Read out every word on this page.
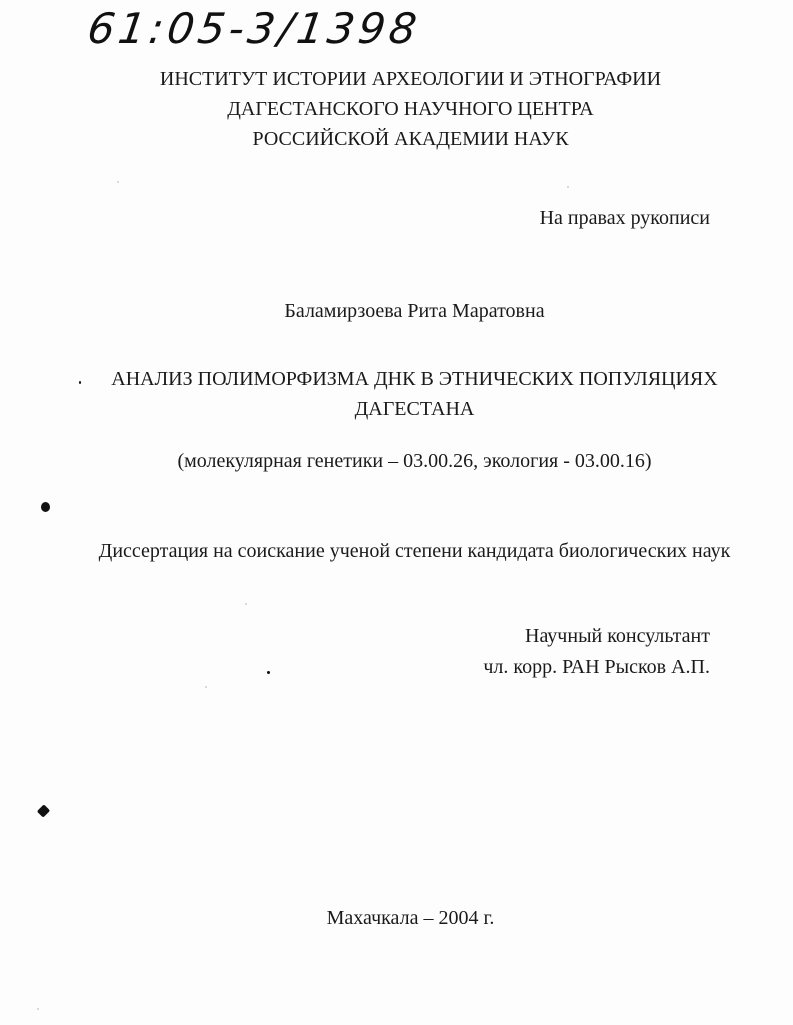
61:05-3/1398
ИНСТИТУТ ИСТОРИИ АРХЕОЛОГИИ И ЭТНОГРАФИИ
ДАГЕСТАНСКОГО НАУЧНОГО ЦЕНТРА
РОССИЙСКОЙ АКАДЕМИИ НАУК
На правах рукописи
Баламирзоева Рита Маратовна
АНАЛИЗ ПОЛИМОРФИЗМА ДНК В ЭТНИЧЕСКИХ ПОПУЛЯЦИЯХ
ДАГЕСТАНА
(молекулярная генетики – 03.00.26, экология - 03.00.16)
Диссертация на соискание ученой степени кандидата биологических наук
Научный консультант
чл. корр. РАН Рысков А.П.
Махачкала – 2004 г.
